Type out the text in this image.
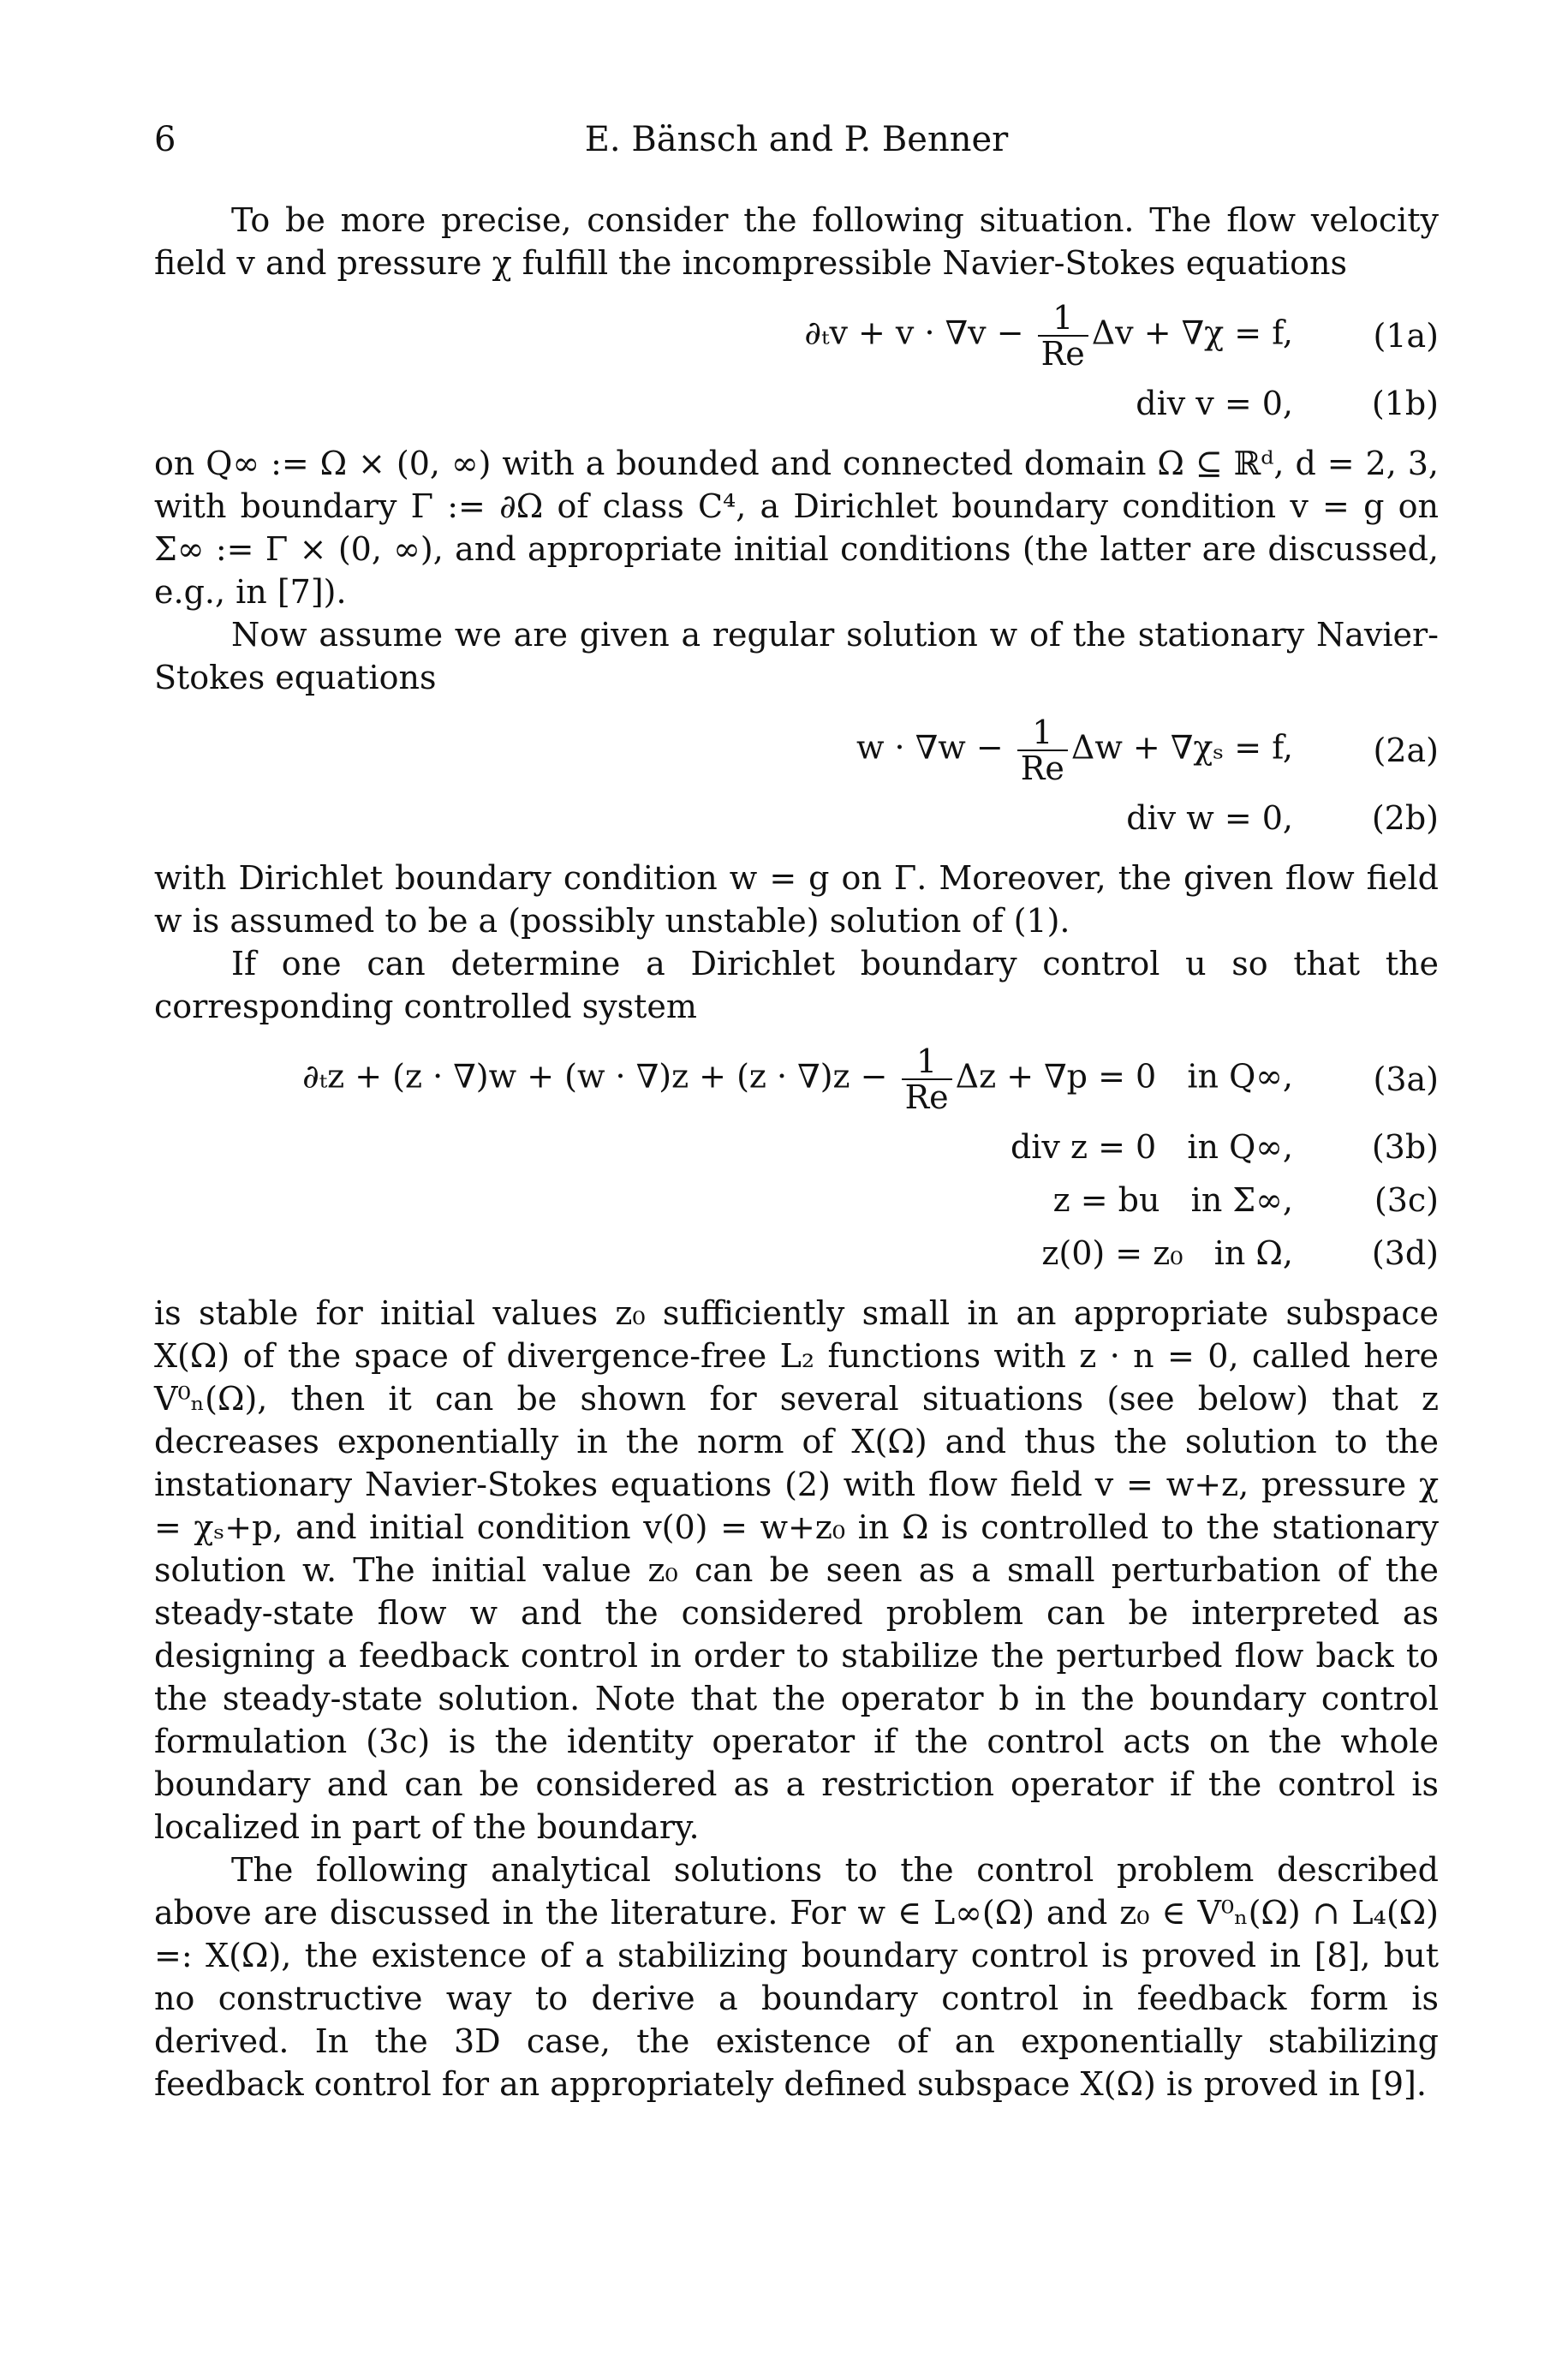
6	E. Bänsch and P. Benner

To be more precise, consider the following situation. The flow velocity field v and pressure χ fulfill the incompressible Navier-Stokes equations

$\partial_tv + v \cdot \nabla v - \frac{1}{Re}$ Δv + ∇χ = f,	(1a)
div v = 0,	(1b)

on Q∞ := Ω × (0, ∞) with a bounded and connected domain Ω ⊆ ℝᵈ, d = 2, 3, with boundary Γ := ∂Ω of class C⁴, a Dirichlet boundary condition v = g on Σ∞ := Γ × (0, ∞), and appropriate initial conditions (the latter are discussed, e.g., in [7]).

Now assume we are given a regular solution w of the stationary Navier-Stokes equations

$w \cdot \nabla w - \frac{1}{Re}$ Δw + ∇χₛ = f,	(2a)
div w = 0,	(2b)

with Dirichlet boundary condition w = g on Γ. Moreover, the given flow field w is assumed to be a (possibly unstable) solution of (1).

If one can determine a Dirichlet boundary control u so that the corresponding controlled system

$\partial_tz + (z \cdot \nabla)w + (w \cdot \nabla)z + (z \cdot \nabla)z - \frac{1}{Re}$ Δz + ∇p = 0   in Q∞,	(3a)
div z = 0   in Q∞,	(3b)
z = bu   in Σ∞,	(3c)
z(0) = z₀   in Ω,	(3d)

is stable for initial values z₀ sufficiently small in an appropriate subspace X(Ω) of the space of divergence-free L₂ functions with z · n = 0, called here V⁰ₙ(Ω), then it can be shown for several situations (see below) that z decreases exponentially in the norm of X(Ω) and thus the solution to the instationary Navier-Stokes equations (2) with flow field v = w+z, pressure χ = χₛ+p, and initial condition v(0) = w+z₀ in Ω is controlled to the stationary solution w. The initial value z₀ can be seen as a small perturbation of the steady-state flow w and the considered problem can be interpreted as designing a feedback control in order to stabilize the perturbed flow back to the steady-state solution. Note that the operator b in the boundary control formulation (3c) is the identity operator if the control acts on the whole boundary and can be considered as a restriction operator if the control is localized in part of the boundary.

The following analytical solutions to the control problem described above are discussed in the literature. For w ∈ L∞(Ω) and z₀ ∈ V⁰ₙ(Ω) ∩ L₄(Ω) =: X(Ω), the existence of a stabilizing boundary control is proved in [8], but no constructive way to derive a boundary control in feedback form is derived. In the 3D case, the existence of an exponentially stabilizing feedback control for an appropriately defined subspace X(Ω) is proved in [9].
